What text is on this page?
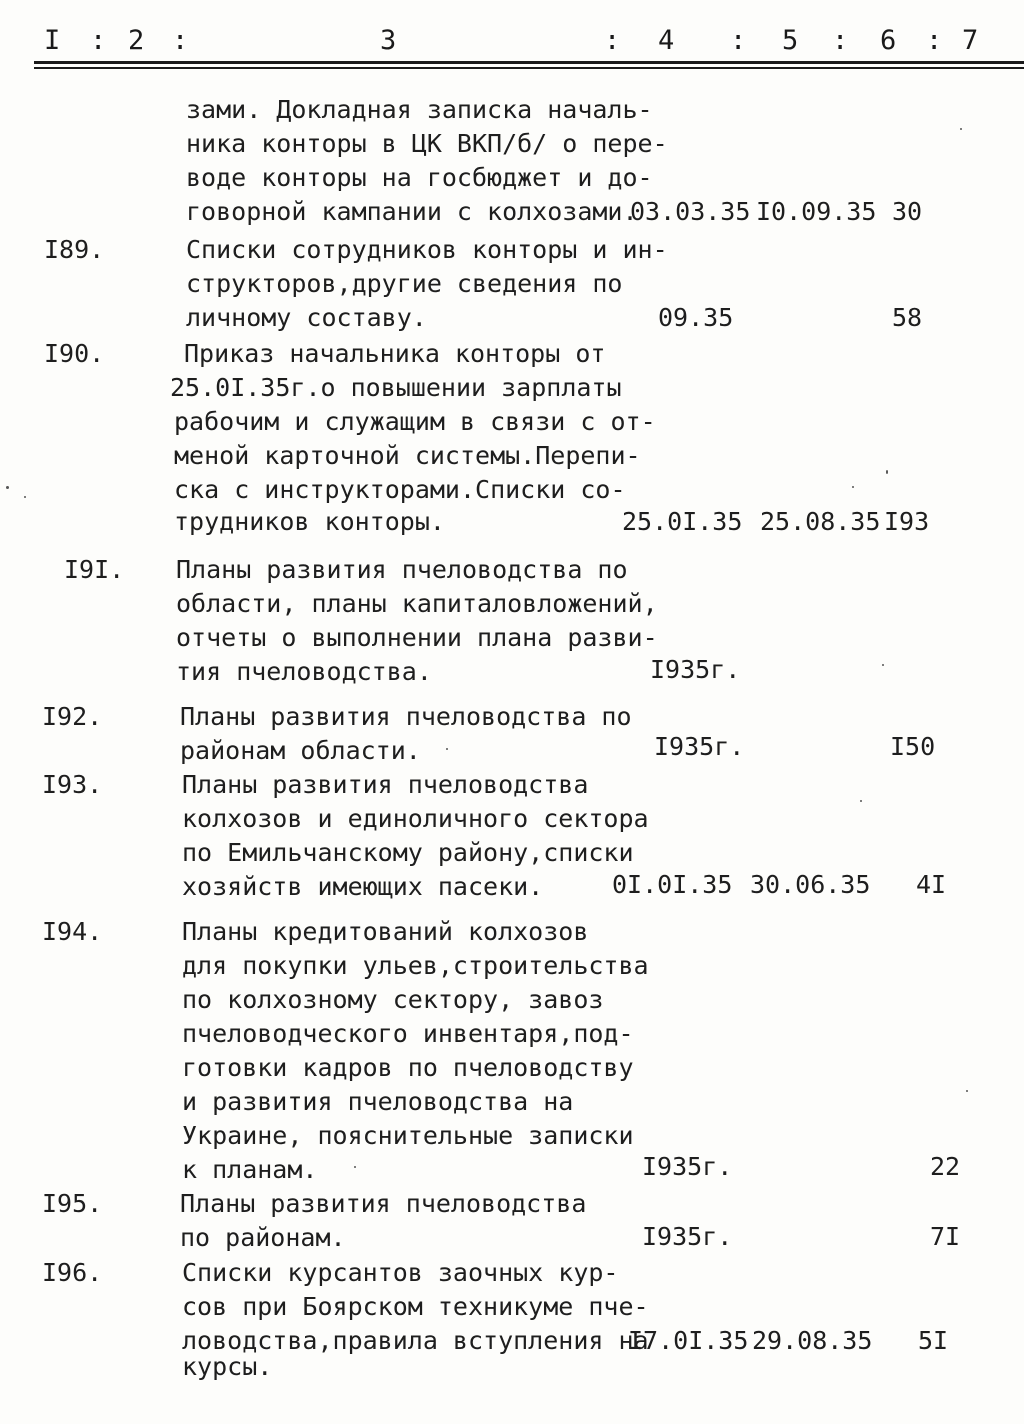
I : 2 :	3	: 4 : 5 : 6 : 7
зами. Докладная записка началь-
ника конторы в ЦК ВКП/б/ о пере-
воде конторы на госбюджет и до-
говорной кампании с колхозами.
03.03.35 I0.09.35 30
I89.	Списки сотрудников конторы и ин-
структоров,другие сведения по
личному составу.	09.35	58
I90.	Приказ начальника конторы от
25.0I.35г.о повышении зарплаты
рабочим и служащим в связи с от-
меной карточной системы.Перепи-
ска с инструкторами.Списки со-
трудников конторы.	25.0I.35 25.08.35 I93
I9I. Планы развития пчеловодства по
области, планы капиталовложений,
отчеты о выполнении плана разви-
тия пчеловодства.	I935г.
I92.	Планы развития пчеловодства по
районам области.	I935г.	I50
I93.	Планы развития пчеловодства
колхозов и единоличного сектора
по Емильчанскому району,списки
хозяйств имеющих пасеки.	0I.0I.35 30.06.35 4I
I94.	Планы кредитований колхозов
для покупки ульев,строительства
по колхозному сектору, завоз
пчеловодческого инвентаря,под-
готовки кадров по пчеловодству
и развития пчеловодства на
Украине, пояснительные записки
к планам.	I935г.	22
I95.	Планы развития пчеловодства
по районам.	I935г.	7I
I96.	Списки курсантов заочных кур-
сов при Боярском техникуме пче-
ловодства,правила вступления на
курсы.
I7.0I.35 29.08.35 5I
